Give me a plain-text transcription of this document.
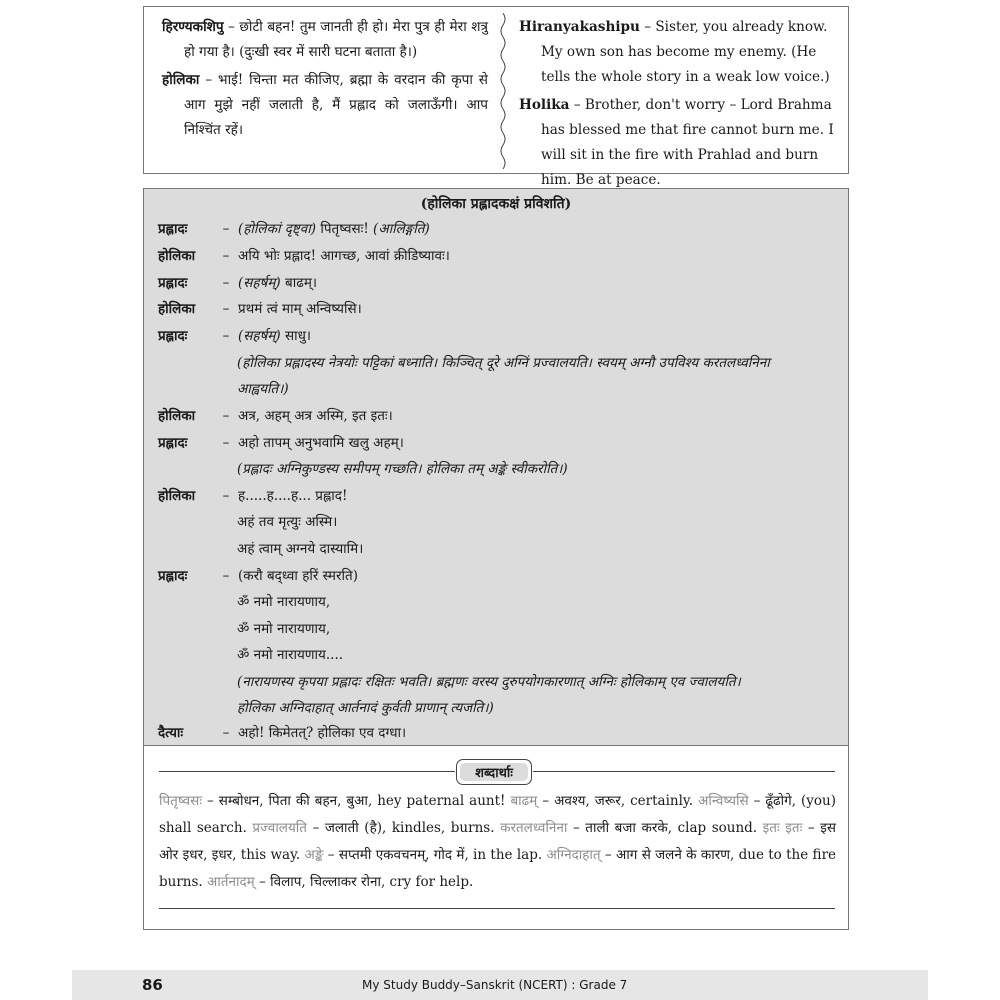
हिरण्यकशिपु – छोटी बहन! तुम जानती ही हो। मेरा पुत्र ही मेरा शत्रु हो गया है। (दुःखी स्वर में सारी घटना बताता है।)

होलिका – भाई! चिन्ता मत कीजिए, ब्रह्मा के वरदान की कृपा से आग मुझे नहीं जलाती है, मैं प्रह्लाद को जलाऊँगी। आप निश्चिंत रहें।

Hiranyakashipu – Sister, you already know. My own son has become my enemy. (He tells the whole story in a weak low voice.)

Holika – Brother, don't worry – Lord Brahma has blessed me that fire cannot burn me. I will sit in the fire with Prahlad and burn him. Be at peace.

(होलिका प्रह्लादकक्षं प्रविशति)
प्रह्लादः	– (होलिकां दृष्ट्वा) पितृष्वसः! (आलिङ्गति)
होलिका – अयि भोः प्रह्लाद! आगच्छ, आवां क्रीडिष्यावः।
प्रह्लादः	– (सहर्षम्) बाढम्।
होलिका – प्रथमं त्वं माम् अन्विष्यसि।
प्रह्लादः	– (सहर्षम्) साधु।
(होलिका प्रह्लादस्य नेत्रयोः पट्टिकां बध्नाति। किञ्चित् दूरे अग्निं प्रज्वालयति। स्वयम् अग्नौ उपविश्य करतलध्वनिना
आह्वयति।)
होलिका – अत्र, अहम् अत्र अस्मि, इत इतः।
प्रह्लादः	– अहो तापम् अनुभवामि खलु अहम्।
(प्रह्लादः अग्निकुण्डस्य समीपम् गच्छति। होलिका तम् अङ्के स्वीकरोति।)
होलिका – ह.....ह....ह... प्रह्लाद!
अहं तव मृत्युः अस्मि।
अहं त्वाम् अग्नये दास्यामि।
प्रह्लादः	– (करौ बद्ध्वा हरिं स्मरति)
ॐ नमो नारायणाय,
ॐ नमो नारायणाय,
ॐ नमो नारायणाय....
(नारायणस्य कृपया प्रह्लादः रक्षितः भवति। ब्रह्मणः वरस्य दुरुपयोगकारणात् अग्निः होलिकाम् एव ज्वालयति।
होलिका अग्निदाहात् आर्तनादं कुर्वती प्राणान् त्यजति।)
दैत्याः	– अहो! किमेतत्? होलिका एव दग्धा।
शब्दार्थाः
पितृष्वसः – सम्बोधन, पिता की बहन, बुआ, hey paternal aunt! बाढम् – अवश्य, जरूर, certainly. अन्विष्यसि – ढूँढोगे, (you) shall search. प्रज्वालयति – जलाती (है), kindles, burns. करतलध्वनिना – ताली बजा करके, clap sound. इतः इतः – इस ओर इधर, इधर, this way. अङ्के – सप्तमी एकवचनम्, गोद में, in the lap. अग्निदाहात् – आग से जलने के कारण, due to the fire burns. आर्तनादम् – विलाप, चिल्लाकर रोना, cry for help.
86	My Study Buddy–Sanskrit (NCERT) : Grade 7
